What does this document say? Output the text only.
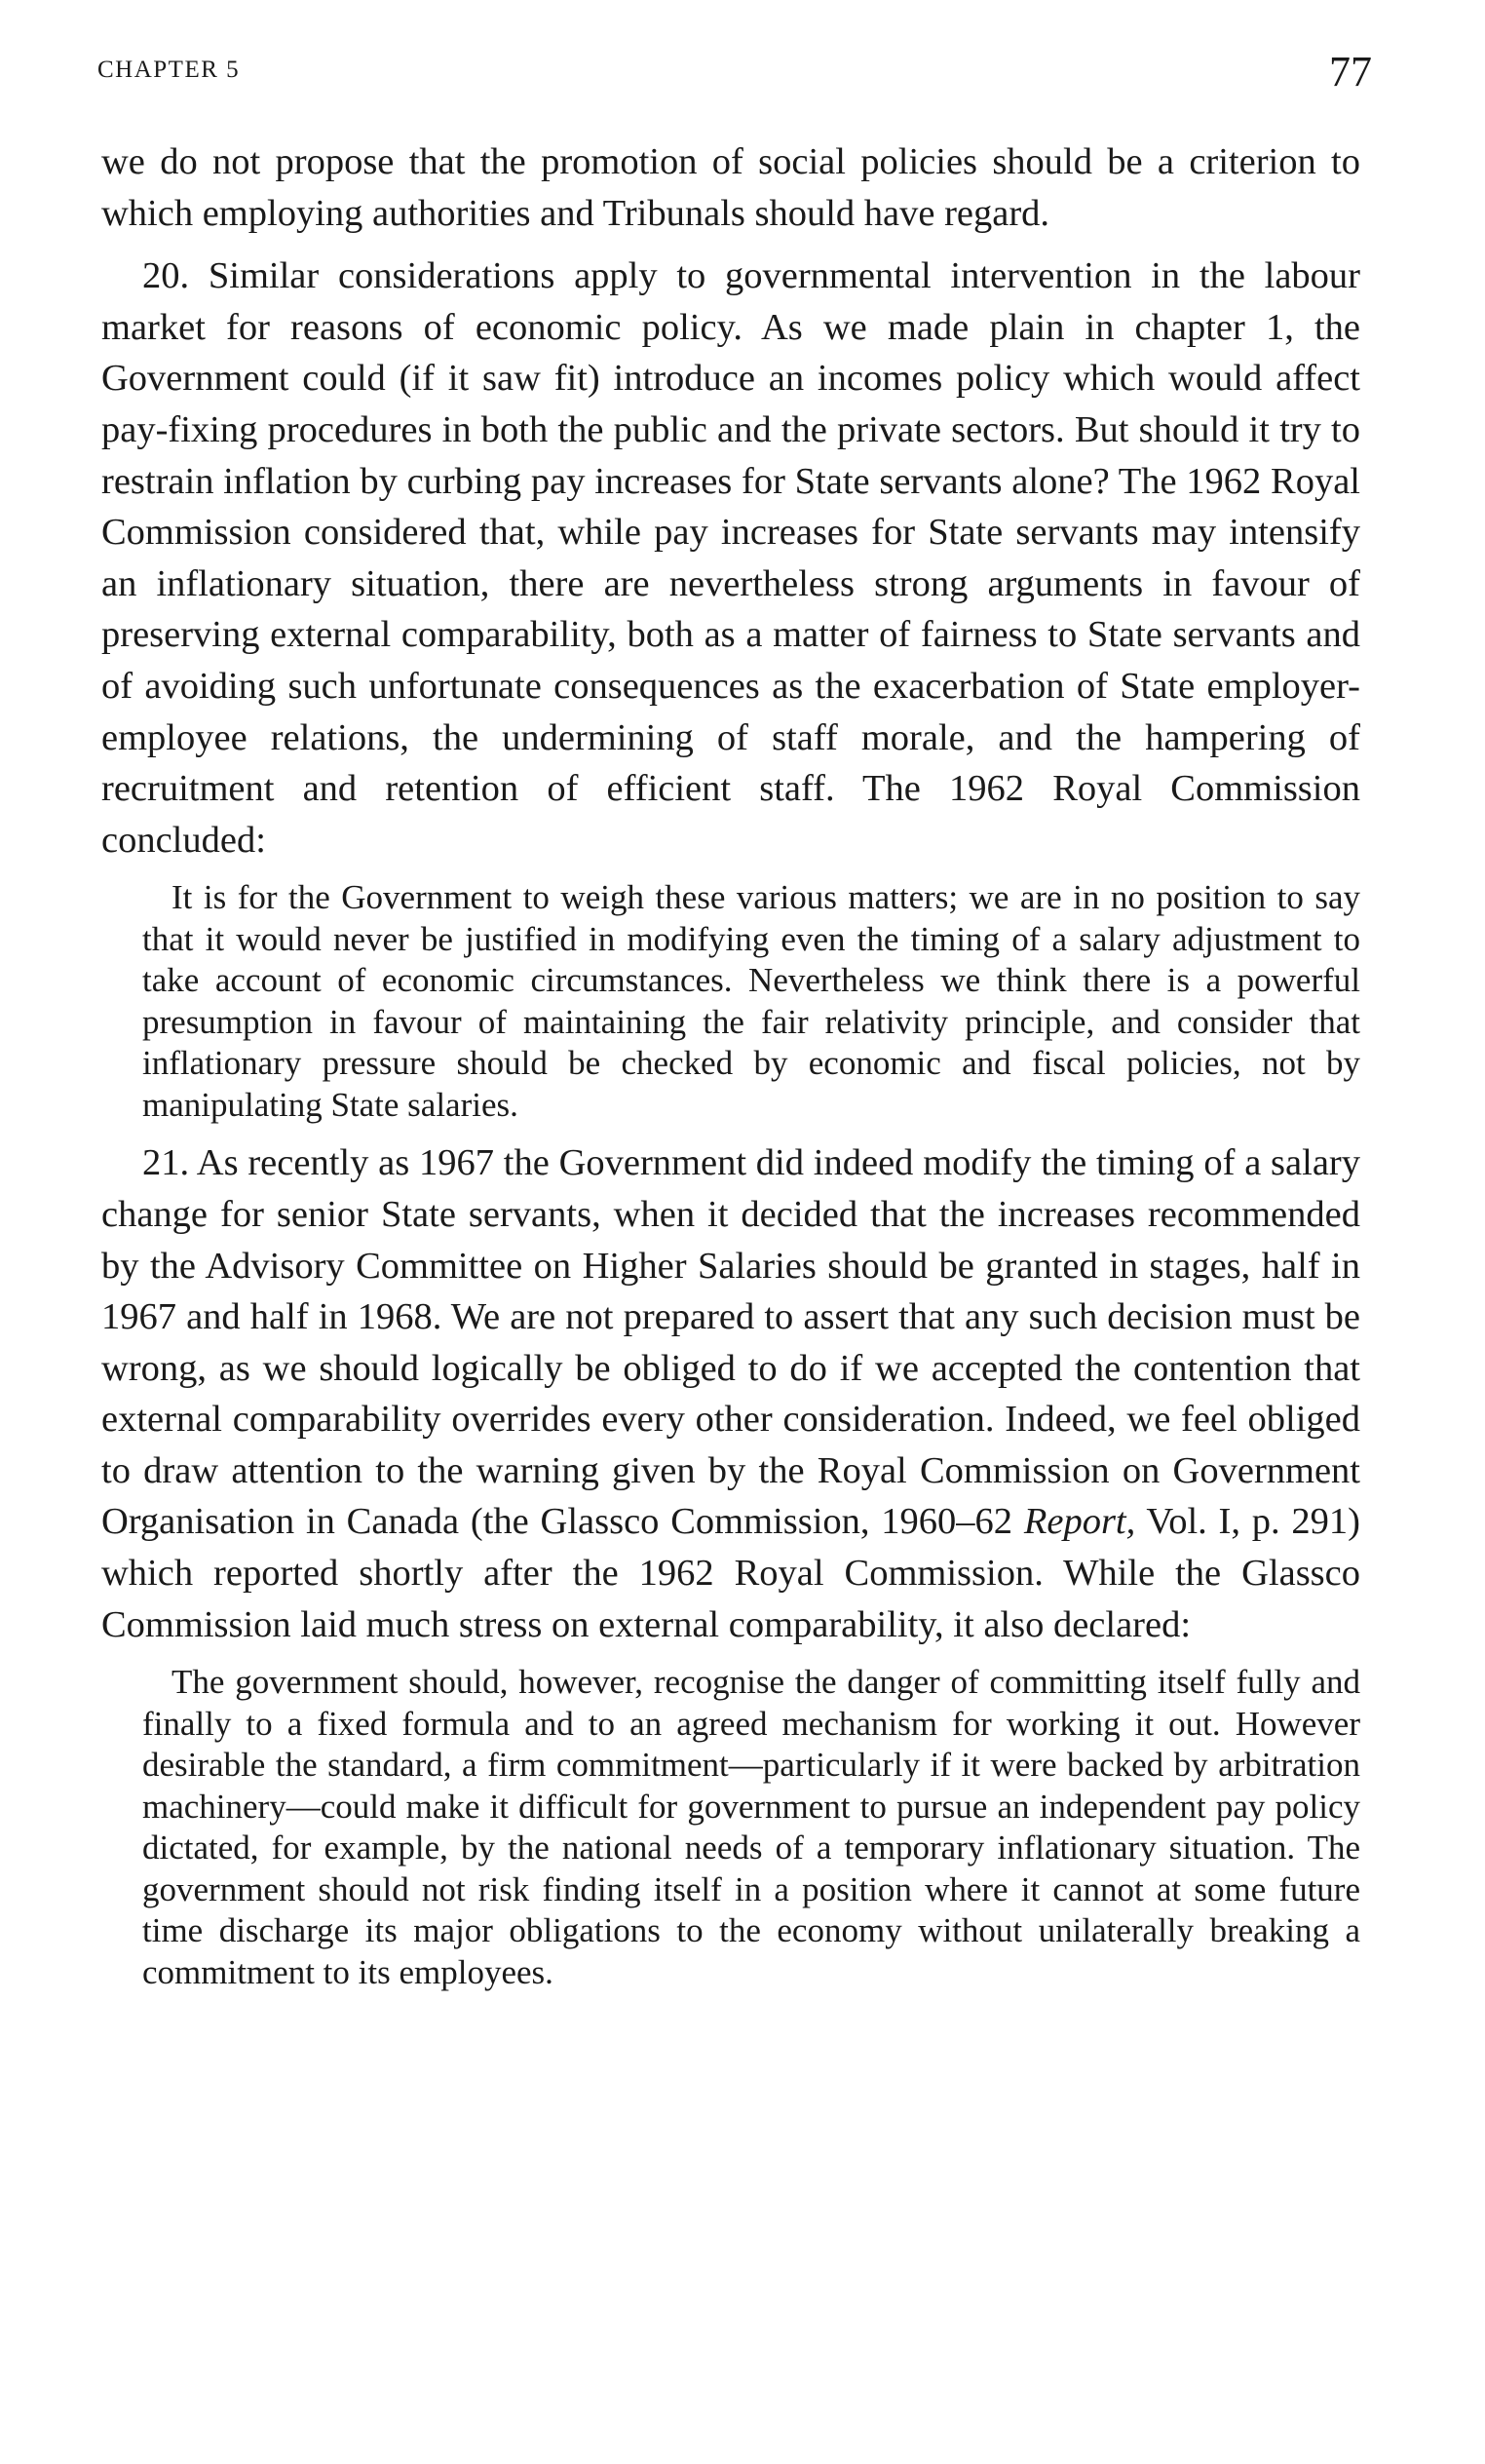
CHAPTER 5	77

we do not propose that the promotion of social policies should be a criterion to which employing authorities and Tribunals should have regard.

20. Similar considerations apply to governmental intervention in the labour market for reasons of economic policy. As we made plain in chapter 1, the Government could (if it saw fit) introduce an incomes policy which would affect pay-fixing procedures in both the public and the private sectors. But should it try to restrain inflation by curbing pay increases for State servants alone? The 1962 Royal Commission considered that, while pay increases for State servants may intensify an inflationary situation, there are nevertheless strong arguments in favour of preserving external comparability, both as a matter of fairness to State servants and of avoiding such unfortunate consequences as the exacerbation of State employer-employee relations, the undermining of staff morale, and the hampering of recruitment and retention of efficient staff. The 1962 Royal Commission concluded:

It is for the Government to weigh these various matters; we are in no position to say that it would never be justified in modifying even the timing of a salary adjustment to take account of economic circumstances. Nevertheless we think there is a powerful presumption in favour of maintaining the fair relativity principle, and consider that inflationary pressure should be checked by economic and fiscal policies, not by manipulating State salaries.

21. As recently as 1967 the Government did indeed modify the timing of a salary change for senior State servants, when it decided that the increases recommended by the Advisory Committee on Higher Salaries should be granted in stages, half in 1967 and half in 1968. We are not prepared to assert that any such decision must be wrong, as we should logically be obliged to do if we accepted the contention that external comparability overrides every other consideration. Indeed, we feel obliged to draw attention to the warning given by the Royal Commission on Government Organisation in Canada (the Glassco Commission, 1960–62 Report, Vol. I, p. 291) which reported shortly after the 1962 Royal Commission. While the Glassco Commission laid much stress on external comparability, it also declared:

The government should, however, recognise the danger of committing itself fully and finally to a fixed formula and to an agreed mechanism for working it out. However desirable the standard, a firm commitment—particularly if it were backed by arbitration machinery—could make it difficult for government to pursue an independent pay policy dictated, for example, by the national needs of a temporary inflationary situation. The government should not risk finding itself in a position where it cannot at some future time discharge its major obligations to the economy without unilaterally breaking a commitment to its employees.
